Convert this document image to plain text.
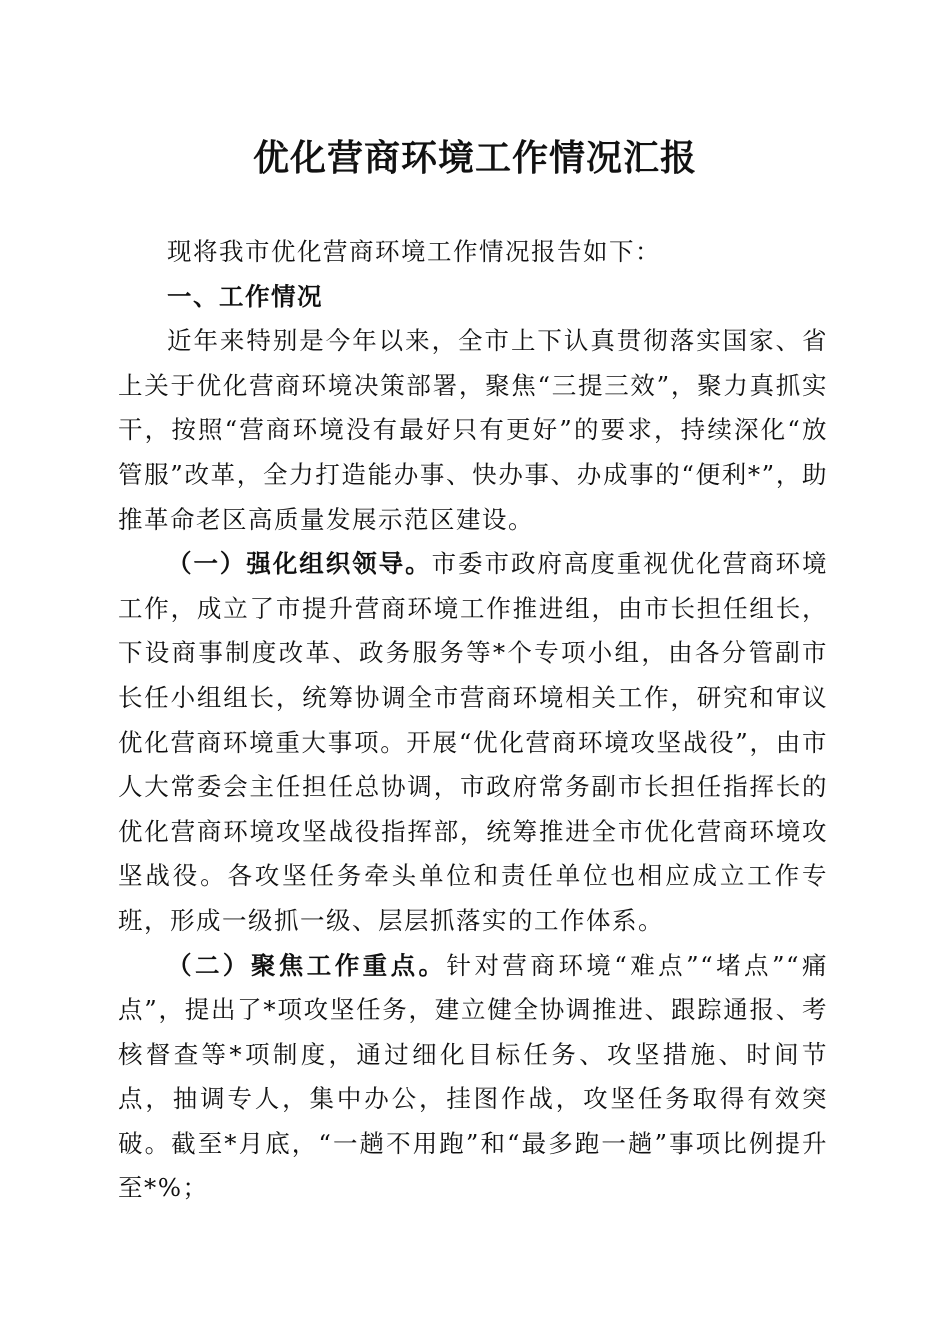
优化营商环境工作情况汇报

现将我市优化营商环境工作情况报告如下：

一、工作情况

近年来特别是今年以来，全市上下认真贯彻落实国家、省上关于优化营商环境决策部署，聚焦“三提三效”，聚力真抓实干，按照“营商环境没有最好只有更好”的要求，持续深化“放管服”改革，全力打造能办事、快办事、办成事的“便利*”，助推革命老区高质量发展示范区建设。

（一）强化组织领导。市委市政府高度重视优化营商环境工作，成立了市提升营商环境工作推进组，由市长担任组长，下设商事制度改革、政务服务等*个专项小组，由各分管副市长任小组组长，统筹协调全市营商环境相关工作，研究和审议优化营商环境重大事项。开展“优化营商环境攻坚战役”，由市人大常委会主任担任总协调，市政府常务副市长担任指挥长的优化营商环境攻坚战役指挥部，统筹推进全市优化营商环境攻坚战役。各攻坚任务牵头单位和责任单位也相应成立工作专班，形成一级抓一级、层层抓落实的工作体系。

（二）聚焦工作重点。针对营商环境“难点”“堵点”“痛点”，提出了*项攻坚任务，建立健全协调推进、跟踪通报、考核督查等*项制度，通过细化目标任务、攻坚措施、时间节点，抽调专人，集中办公，挂图作战，攻坚任务取得有效突破。截至*月底，“一趟不用跑”和“最多跑一趟”事项比例提升至*%；
